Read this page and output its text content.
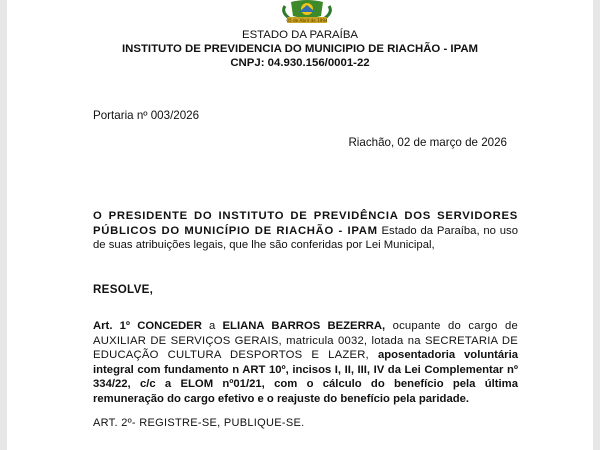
05 de Abril de 1994
ESTADO DA PARAÍBA
INSTITUTO DE PREVIDENCIA DO MUNICIPIO DE RIACHÃO - IPAM
CNPJ: 04.930.156/0001-22
Portaria nº 003/2026
Riachão, 02 de março de 2026
O PRESIDENTE DO INSTITUTO DE PREVIDÊNCIA DOS SERVIDORES PÚBLICOS DO MUNICÍPIO DE RIACHÃO - IPAM Estado da Paraíba, no uso de suas atribuições legais, que lhe são conferidas por Lei Municipal,
RESOLVE,
Art. 1º CONCEDER a ELIANA BARROS BEZERRA, ocupante do cargo de AUXILIAR DE SERVIÇOS GERAIS, matricula 0032, lotada na SECRETARIA DE EDUCAÇÃO CULTURA DESPORTOS E LAZER, aposentadoria voluntária integral com fundamento n ART 10º, incisos I, II, III, IV da Lei Complementar nº 334/22, c/c a ELOM nº01/21, com o cálculo do benefício pela última remuneração do cargo efetivo e o reajuste do benefício pela paridade.
ART. 2º- REGISTRE-SE, PUBLIQUE-SE.
